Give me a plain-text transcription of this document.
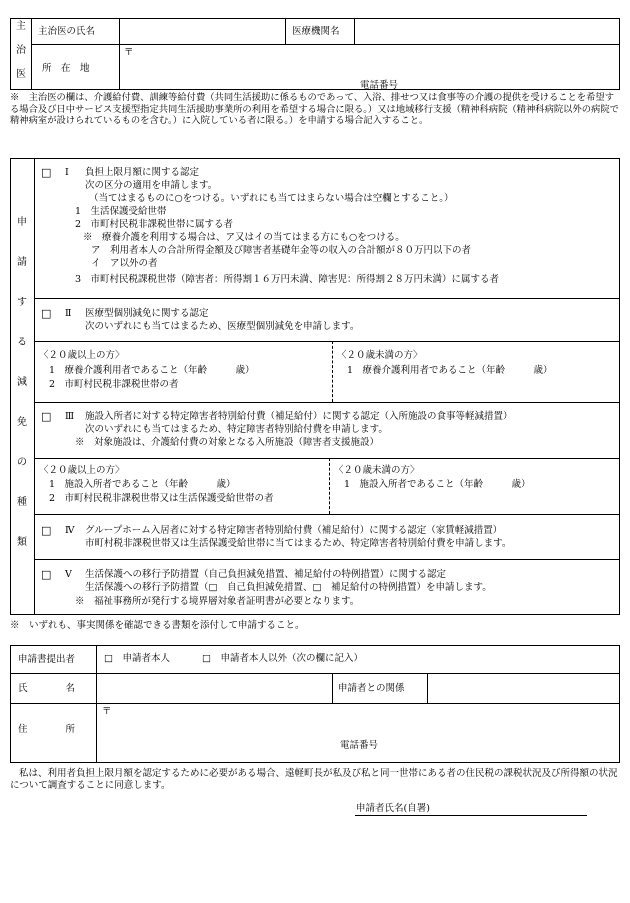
主
治
医
主治医の氏名	医療機関名
所　在　地
〒
電話番号
※　主治医の欄は、介護給付費、訓練等給付費（共同生活援助に係るものであって、入浴、排せつ又は食事等の介護の提供を受けることを希望する場合及び日中サービス支援型指定共同生活援助事業所の利用を希望する場合に限る。）又は地域移行支援（精神科病院（精神科病院以外の病院で精神病室が設けられているものを含む。）に入院している者に限る。）を申請する場合記入すること。
申
請
す
る
減
免
の
種
類
□ Ⅰ 負担上限月額に関する認定
次の区分の適用を申請します。
（当てはまるものに○をつける。いずれにも当てはまらない場合は空欄とすること。）
1　生活保護受給世帯
2　市町村民税非課税世帯に属する者
※　療養介護を利用する場合は、ア又はイの当てはまる方にも○をつける。
ア　利用者本人の合計所得金額及び障害者基礎年金等の収入の合計額が８０万円以下の者
イ　ア以外の者
3　市町村民税課税世帯（障害者：所得割１６万円未満、障害児：所得割２８万円未満）に属する者
□ Ⅱ 医療型個別減免に関する認定
次のいずれにも当てはまるため、医療型個別減免を申請します。
〈２０歳以上の方〉
1　療養介護利用者であること（年齢　　　歳）
2　市町村民税非課税世帯の者
〈２０歳未満の方〉
1　療養介護利用者であること（年齢　　　歳）
□ Ⅲ 施設入所者に対する特定障害者特別給付費（補足給付）に関する認定（入所施設の食事等軽減措置）
次のいずれにも当てはまるため、特定障害者特別給付費を申請します。
※　対象施設は、介護給付費の対象となる入所施設（障害者支援施設）
〈２０歳以上の方〉
1　施設入所者であること（年齢　　　歳）
2　市町村民税非課税世帯又は生活保護受給世帯の者
〈２０歳未満の方〉
1　施設入所者であること（年齢　　　歳）
□ Ⅳ グループホーム入居者に対する特定障害者特別給付費（補足給付）に関する認定（家賃軽減措置）
市町村税非課税世帯又は生活保護受給世帯に当てはまるため、特定障害者特別給付費を申請します。
□ Ⅴ 生活保護への移行予防措置（自己負担減免措置、補足給付の特例措置）に関する認定
生活保護への移行予防措置（□　自己負担減免措置、□　補足給付の特例措置）を申請します。
※　福祉事務所が発行する境界層対象者証明書が必要となります。
※　いずれも、事実関係を確認できる書類を添付して申請すること。
申請書提出者	□　申請者本人	□　申請者本人以外（次の欄に記入）
氏　　　　名	申請者との関係
住　　　　所
〒
電話番号
私は、利用者負担上限月額を認定するために必要がある場合、遠軽町長が私及び私と同一世帯にある者の住民税の課税状況及び所得額の状況について調査することに同意します。
申請者氏名(自署)
